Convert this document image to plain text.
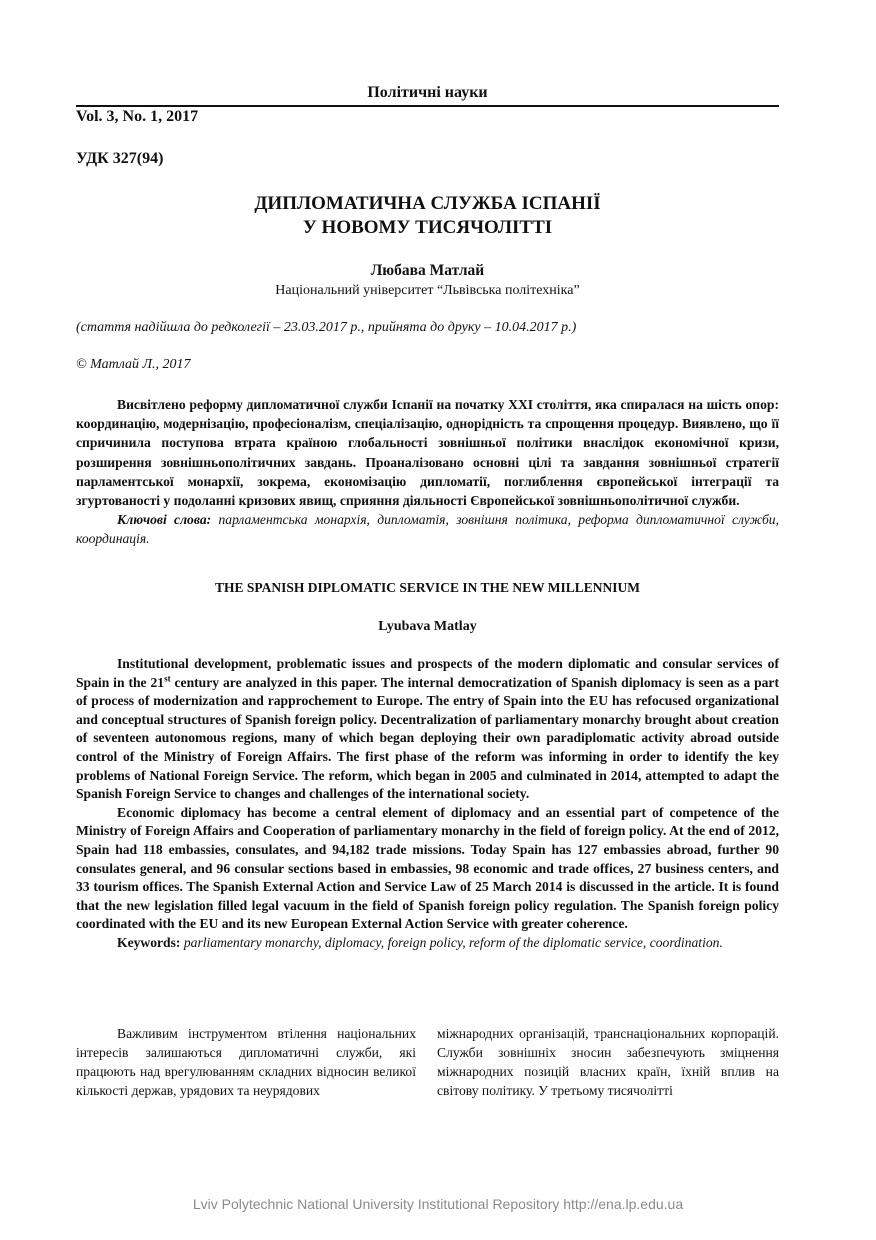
Політичні науки
Vol. 3, No. 1, 2017
УДК 327(94)
ДИПЛОМАТИЧНА СЛУЖБА ІСПАНІЇ
У НОВОМУ ТИСЯЧОЛІТТІ
Любава Матлай
Національний університет “Львівська політехніка”
(стаття надійшла до редколегії – 23.03.2017 р., прийнята до друку – 10.04.2017 р.)
© Матлай Л., 2017

Висвітлено реформу дипломатичної служби Іспанії на початку ХХІ століття, яка спиралася на шість опор: координацію, модернізацію, професіоналізм, спеціалізацію, однорідність та спрощення процедур. Виявлено, що її спричинила поступова втрата країною глобальності зовнішньої політики внаслідок економічної кризи, розширення зовнішньополітичних завдань. Проаналізовано основні цілі та завдання зовнішньої стратегії парламентської монархії, зокрема, економізацію дипломатії, поглиблення європейської інтеграції та згуртованості у подоланні кризових явищ, сприяння діяльності Європейської зовнішньополітичної служби.

Ключові слова: парламентська монархія, дипломатія, зовнішня політика, реформа дипломатичної служби, координація.

THE SPANISH DIPLOMATIC SERVICE IN THE NEW MILLENNIUM
Lyubava Matlay

Institutional development, problematic issues and prospects of the modern diplomatic and consular services of Spain in the 21st century are analyzed in this paper. The internal democratization of Spanish diplomacy is seen as a part of process of modernization and rapprochement to Europe. The entry of Spain into the EU has refocused organizational and conceptual structures of Spanish foreign policy. Decentralization of parliamentary monarchy brought about creation of seventeen autonomous regions, many of which began deploying their own paradiplomatic activity abroad outside control of the Ministry of Foreign Affairs. The first phase of the reform was informing in order to identify the key problems of National Foreign Service. The reform, which began in 2005 and culminated in 2014, attempted to adapt the Spanish Foreign Service to changes and challenges of the international society.

Economic diplomacy has become a central element of diplomacy and an essential part of competence of the Ministry of Foreign Affairs and Cooperation of parliamentary monarchy in the field of foreign policy. At the end of 2012, Spain had 118 embassies, consulates, and 94,182 trade missions. Today Spain has 127 embassies abroad, further 90 consulates general, and 96 consular sections based in embassies, 98 economic and trade offices, 27 business centers, and 33 tourism offices. The Spanish External Action and Service Law of 25 March 2014 is discussed in the article. It is found that the new legislation filled legal vacuum in the field of Spanish foreign policy regulation. The Spanish foreign policy coordinated with the EU and its new European External Action Service with greater coherence.

Keywords: parliamentary monarchy, diplomacy, foreign policy, reform of the diplomatic service, coordination.

Важливим інструментом втілення національних інтересів залишаються дипломатичні служби, які працюють над врегулюванням складних відносин великої кількості держав, урядових та неурядових

міжнародних організацій, транснаціональних корпорацій. Служби зовнішніх зносин забезпечують зміцнення міжнародних позицій власних країн, їхній вплив на світову політику. У третьому тисячолітті

Lviv Polytechnic National University Institutional Repository http://ena.lp.edu.ua
